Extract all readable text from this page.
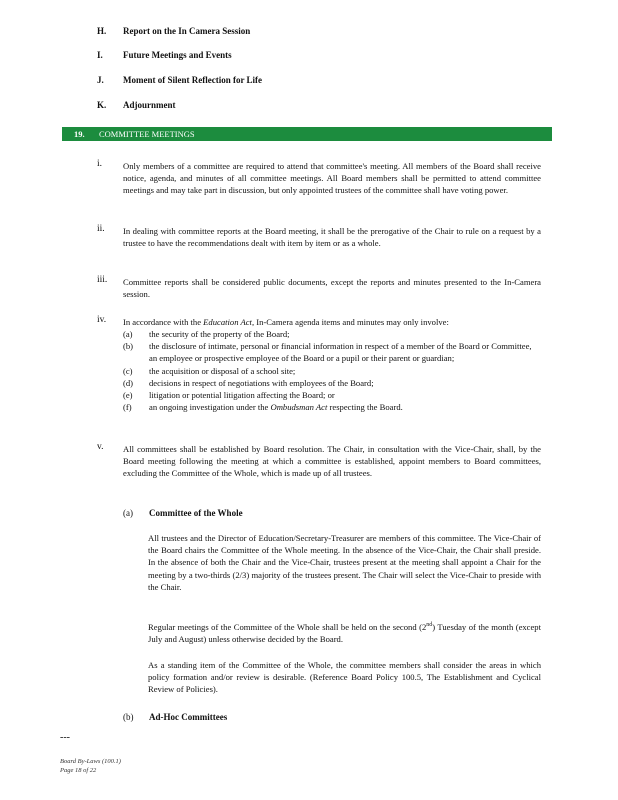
H. Report on the In Camera Session
I. Future Meetings and Events
J. Moment of Silent Reflection for Life
K. Adjournment
19. COMMITTEE MEETINGS
i. Only members of a committee are required to attend that committee's meeting. All members of the Board shall receive notice, agenda, and minutes of all committee meetings. All Board members shall be permitted to attend committee meetings and may take part in discussion, but only appointed trustees of the committee shall have voting power.

ii. In dealing with committee reports at the Board meeting, it shall be the prerogative of the Chair to rule on a request by a trustee to have the recommendations dealt with item by item or as a whole.

iii. Committee reports shall be considered public documents, except the reports and minutes presented to the In-Camera session.

iv. In accordance with the Education Act, In-Camera agenda items and minutes may only involve:

(a) the security of the property of the Board;
(b) the disclosure of intimate, personal or financial information in respect of a member of the Board or Committee, an employee or prospective employee of the Board or a pupil or their parent or guardian;
(c) the acquisition or disposal of a school site;
(d) decisions in respect of negotiations with employees of the Board;
(e) litigation or potential litigation affecting the Board; or
(f) an ongoing investigation under the Ombudsman Act respecting the Board.
v. All committees shall be established by Board resolution. The Chair, in consultation with the Vice-Chair, shall, by the Board meeting following the meeting at which a committee is established, appoint members to Board committees, excluding the Committee of the Whole, which is made up of all trustees.

(a) Committee of the Whole

All trustees and the Director of Education/Secretary-Treasurer are members of this committee. The Vice-Chair of the Board chairs the Committee of the Whole meeting. In the absence of the Vice-Chair, the Chair shall preside. In the absence of both the Chair and the Vice-Chair, trustees present at the meeting shall appoint a Chair for the meeting by a two-thirds (2/3) majority of the trustees present. The Chair will select the Vice-Chair to preside with the Chair.

Regular meetings of the Committee of the Whole shall be held on the second (2nd) Tuesday of the month (except July and August) unless otherwise decided by the Board.

As a standing item of the Committee of the Whole, the committee members shall consider the areas in which policy formation and/or review is desirable. (Reference Board Policy 100.5, The Establishment and Cyclical Review of Policies).

(b) Ad-Hoc Committees
---
Board By-Laws (100.1)
Page 18 of 22
